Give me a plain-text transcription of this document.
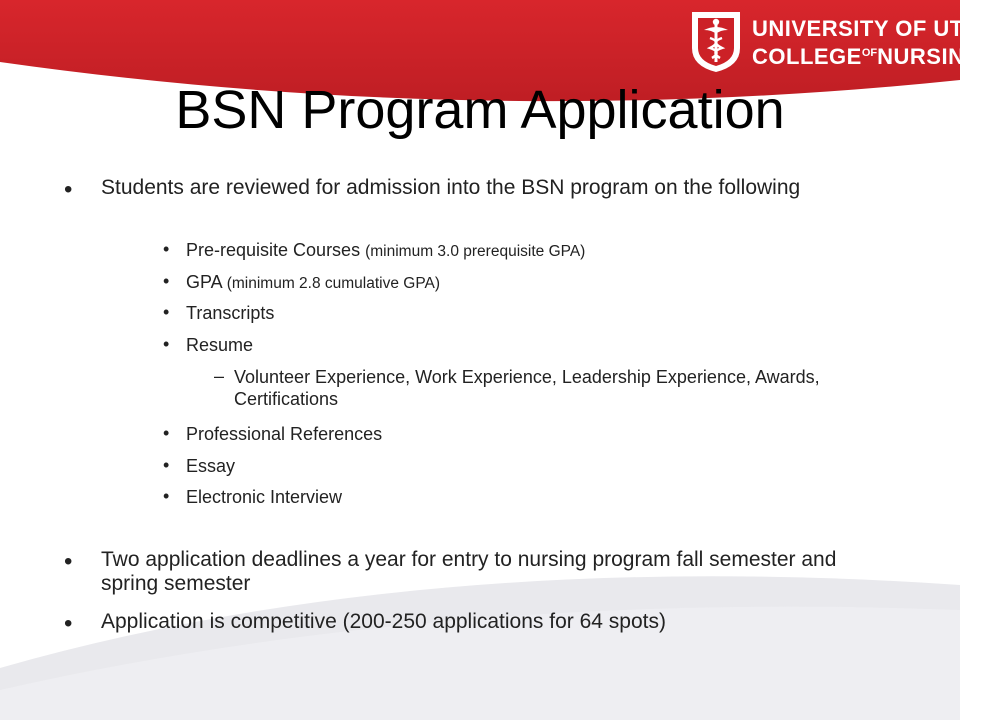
UNIVERSITY OF UTAH
$COLLEGE^{OF}NURSING$
BSN Program Application
• Students are reviewed for admission into the BSN program on the following
• Pre-requisite Courses (minimum 3.0 prerequisite GPA)
• GPA (minimum 2.8 cumulative GPA)
• Transcripts
• Resume
– Volunteer Experience, Work Experience, Leadership Experience, Awards, Certifications
• Professional References
• Essay
• Electronic Interview
• Two application deadlines a year for entry to nursing program fall semester and spring semester
• Application is competitive (200-250 applications for 64 spots)
